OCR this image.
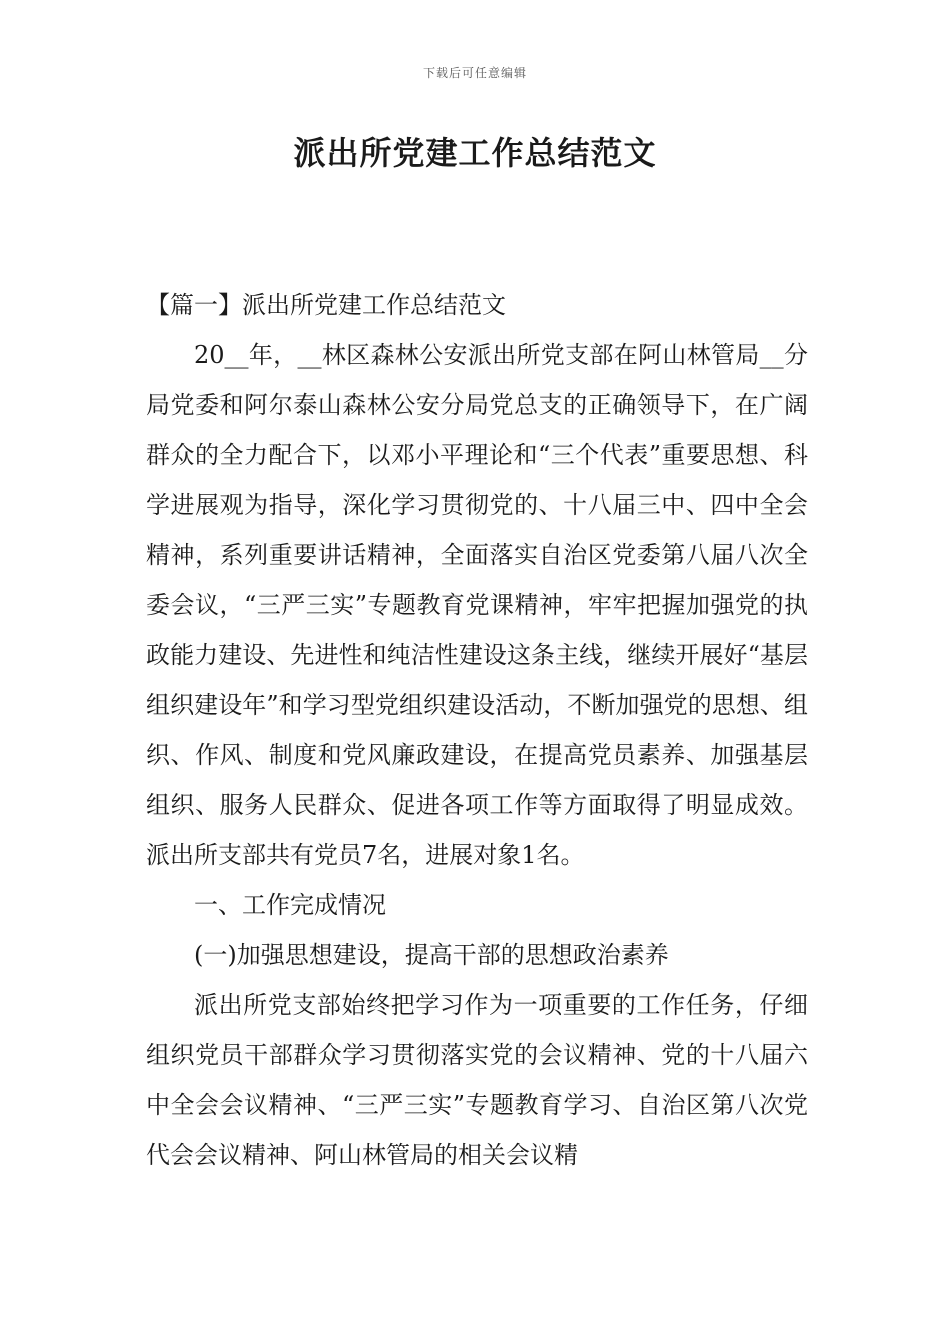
下载后可任意编辑
派出所党建工作总结范文

【篇一】派出所党建工作总结范文

20__年，__林区森林公安派出所党支部在阿山林管局__分局党委和阿尔泰山森林公安分局党总支的正确领导下，在广阔群众的全力配合下，以邓小平理论和“三个代表”重要思想、科学进展观为指导，深化学习贯彻党的、十八届三中、四中全会精神，系列重要讲话精神，全面落实自治区党委第八届八次全委会议，“三严三实”专题教育党课精神，牢牢把握加强党的执政能力建设、先进性和纯洁性建设这条主线，继续开展好“基层组织建设年”和学习型党组织建设活动，不断加强党的思想、组织、作风、制度和党风廉政建设，在提高党员素养、加强基层组织、服务人民群众、促进各项工作等方面取得了明显成效。派出所支部共有党员7名，进展对象1名。

一、工作完成情况

(一)加强思想建设，提高干部的思想政治素养

派出所党支部始终把学习作为一项重要的工作任务，仔细组织党员干部群众学习贯彻落实党的会议精神、党的十八届六中全会会议精神、“三严三实”专题教育学习、自治区第八次党代会会议精神、阿山林管局的相关会议精
